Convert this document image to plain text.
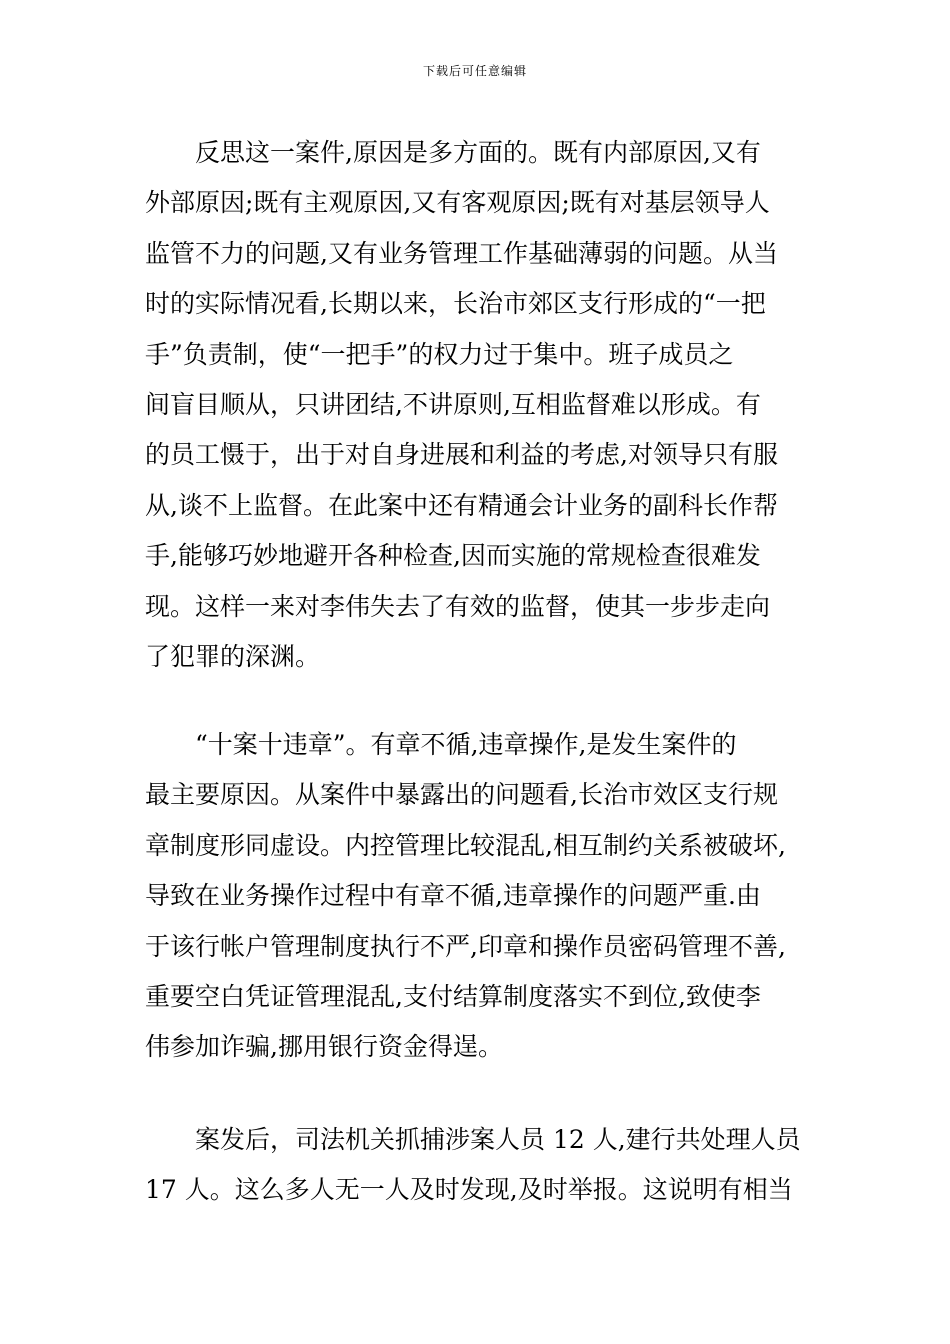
下载后可任意编辑
　　反思这一案件,原因是多方面的。既有内部原因,又有
外部原因;既有主观原因,又有客观原因;既有对基层领导人
监管不力的问题,又有业务管理工作基础薄弱的问题。从当
时的实际情况看,长期以来，长治市郊区支行形成的“一把
手”负责制，使“一把手”的权力过于集中。班子成员之
间盲目顺从，只讲团结,不讲原则,互相监督难以形成。有
的员工慑于，出于对自身进展和利益的考虑,对领导只有服
从,谈不上监督。在此案中还有精通会计业务的副科长作帮
手,能够巧妙地避开各种检查,因而实施的常规检查很难发
现。这样一来对李伟失去了有效的监督，使其一步步走向
了犯罪的深渊。
　　“十案十违章”。有章不循,违章操作,是发生案件的
最主要原因。从案件中暴露出的问题看,长治市效区支行规
章制度形同虚设。内控管理比较混乱,相互制约关系被破坏,
导致在业务操作过程中有章不循,违章操作的问题严重.由
于该行帐户管理制度执行不严,印章和操作员密码管理不善,
重要空白凭证管理混乱,支付结算制度落实不到位,致使李
伟参加诈骗,挪用银行资金得逞。
　　案发后，司法机关抓捕涉案人员 12 人,建行共处理人员
17 人。这么多人无一人及时发现,及时举报。这说明有相当
